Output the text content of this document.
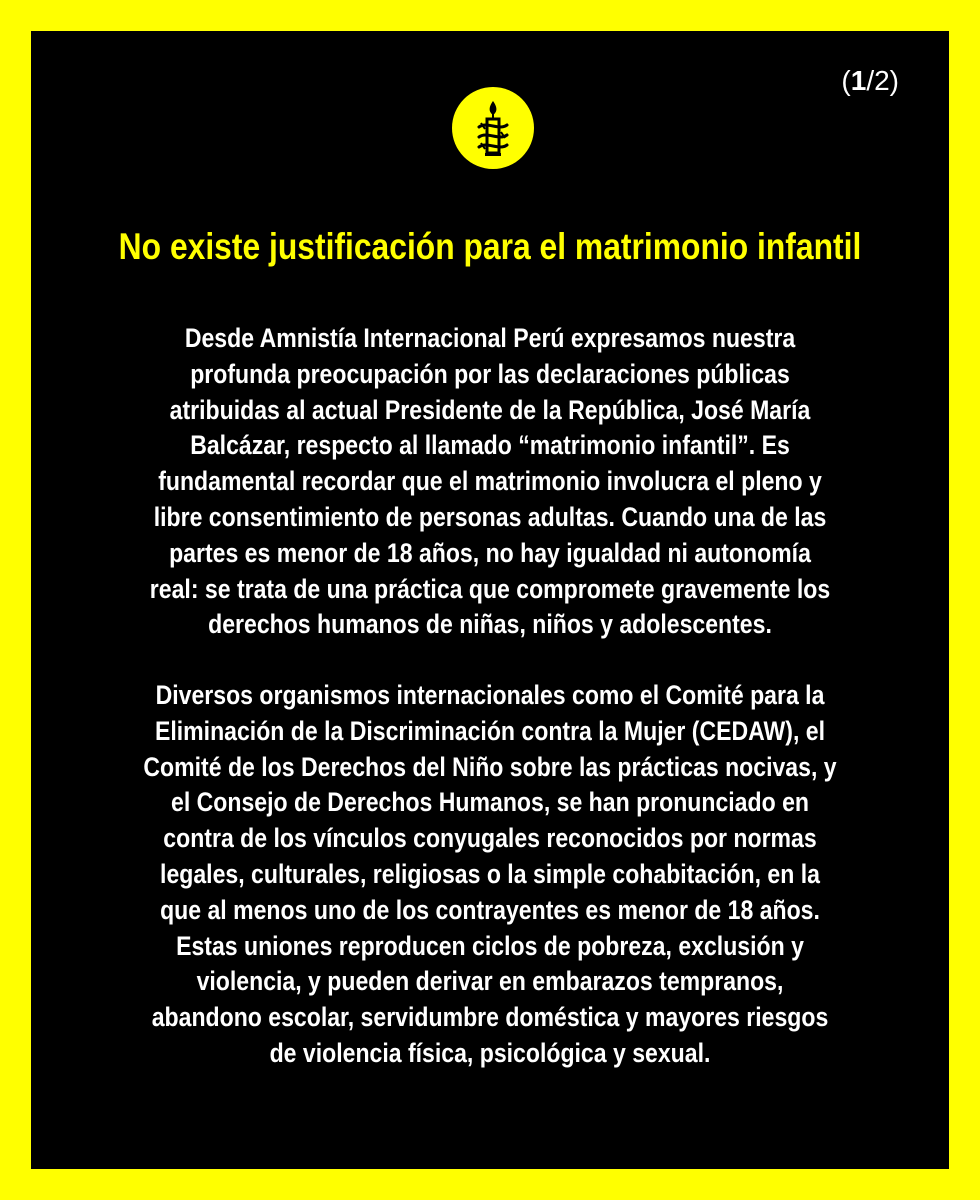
(1/2)
No existe justificación para el matrimonio infantil
Desde Amnistía Internacional Perú expresamos nuestra
profunda preocupación por las declaraciones públicas
atribuidas al actual Presidente de la República, José María
Balcázar, respecto al llamado “matrimonio infantil”. Es
fundamental recordar que el matrimonio involucra el pleno y
libre consentimiento de personas adultas. Cuando una de las
partes es menor de 18 años, no hay igualdad ni autonomía
real: se trata de una práctica que compromete gravemente los
derechos humanos de niñas, niños y adolescentes.
Diversos organismos internacionales como el Comité para la
Eliminación de la Discriminación contra la Mujer (CEDAW), el
Comité de los Derechos del Niño sobre las prácticas nocivas, y
el Consejo de Derechos Humanos, se han pronunciado en
contra de los vínculos conyugales reconocidos por normas
legales, culturales, religiosas o la simple cohabitación, en la
que al menos uno de los contrayentes es menor de 18 años.
Estas uniones reproducen ciclos de pobreza, exclusión y
violencia, y pueden derivar en embarazos tempranos,
abandono escolar, servidumbre doméstica y mayores riesgos
de violencia física, psicológica y sexual.
